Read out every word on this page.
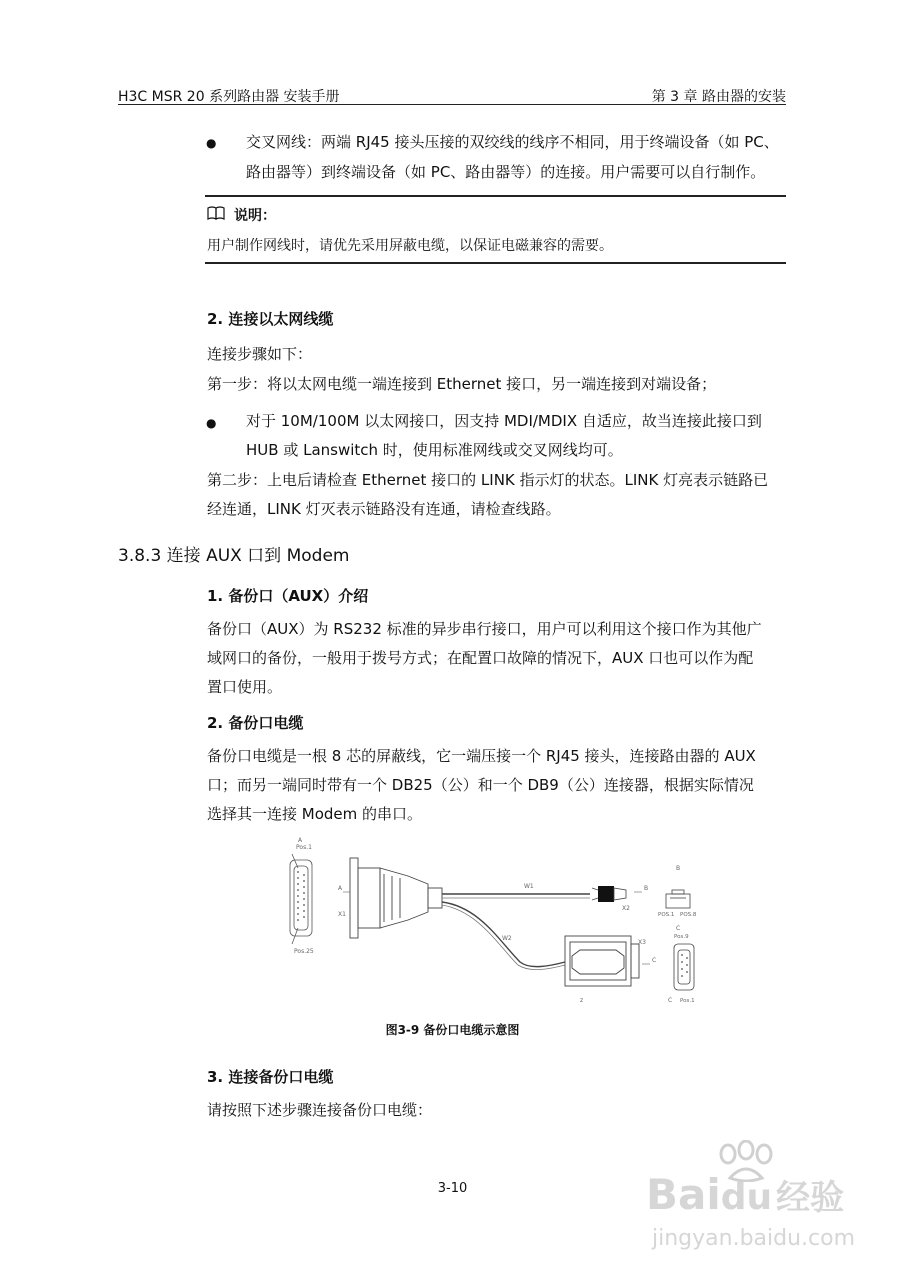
H3C MSR 20 系列路由器 安装手册	第 3 章 路由器的安装
● 交叉网线：两端 RJ45 接头压接的双绞线的线序不相同，用于终端设备（如 PC、
路由器等）到终端设备（如 PC、路由器等）的连接。用户需要可以自行制作。
说明：
用户制作网线时，请优先采用屏蔽电缆，以保证电磁兼容的需要。
2. 连接以太网线缆
连接步骤如下：
第一步：将以太网电缆一端连接到 Ethernet 接口，另一端连接到对端设备；
● 对于 10M/100M 以太网接口，因支持 MDI/MDIX 自适应，故当连接此接口到
HUB 或 Lanswitch 时，使用标准网线或交叉网线均可。
第二步：上电后请检查 Ethernet 接口的 LINK 指示灯的状态。LINK 灯亮表示链路已
经连通，LINK 灯灭表示链路没有连通，请检查线路。
3.8.3 连接 AUX 口到 Modem
1. 备份口（AUX）介绍
备份口（AUX）为 RS232 标准的异步串行接口，用户可以利用这个接口作为其他广
域网口的备份，一般用于拨号方式；在配置口故障的情况下，AUX 口也可以作为配
置口使用。
2. 备份口电缆
备份口电缆是一根 8 芯的屏蔽线，它一端压接一个 RJ45 接头，连接路由器的 AUX
口；而另一端同时带有一个 DB25（公）和一个 DB9（公）连接器，根据实际情况
选择其一连接 Modem 的串口。
A
Pos.1
Pos.25
A
X1
W1	B
X2
B
POS.1 POS.8
W2
X3
C
z
C
Pos.9
C Pos.1
图3-9 备份口电缆示意图
3. 连接备份口电缆
请按照下述步骤连接备份口电缆：
3-10	Baidu 经验
jingyan.baidu.com
